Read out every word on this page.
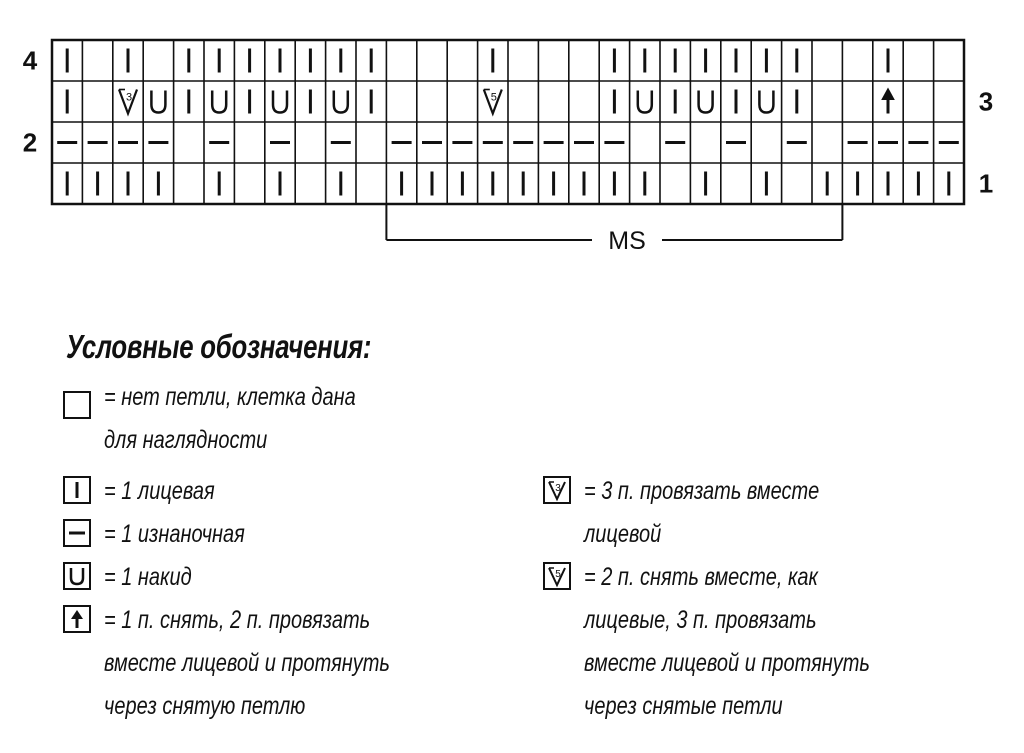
3	5
4
3
2
1
MS
Условные обозначения:
= нет петли, клетка дана
для наглядности
= 1 лицевая
= 1 изнаночная
= 1 накид
= 1 п. снять, 2 п. провязать
вместе лицевой и протянуть
через снятую петлю
3 = 3 п. провязать вместе
лицевой
5 = 2 п. снять вместе, как
лицевые, 3 п. провязать
вместе лицевой и протянуть
через снятые петли
